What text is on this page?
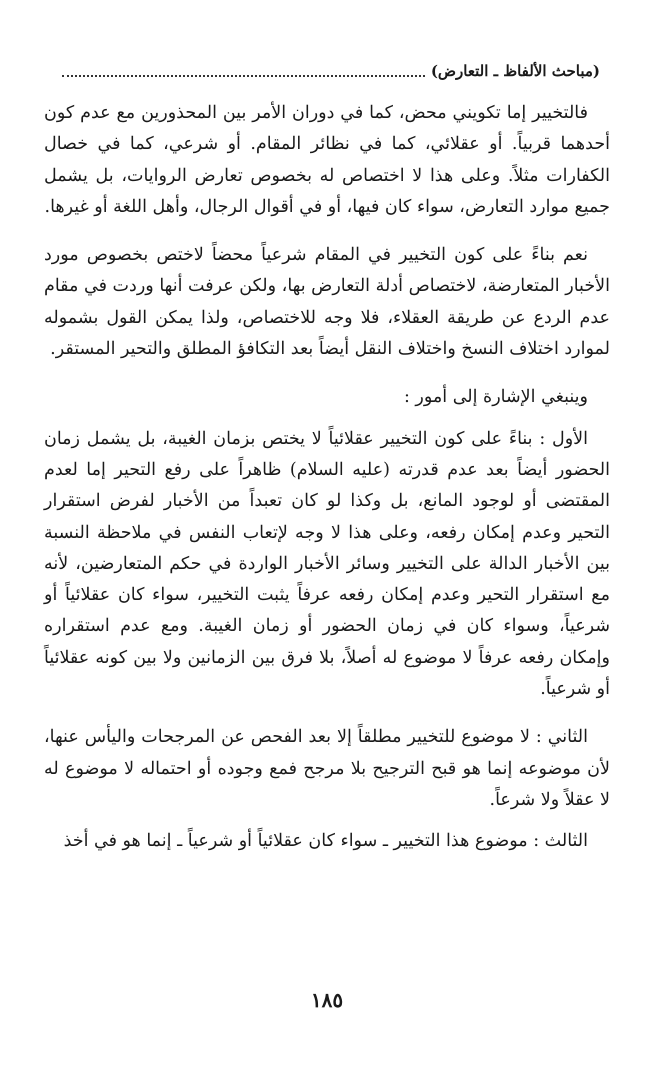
(مباحث الألفاظ ـ التعارض)

فالتخيير إما تكويني محض، كما في دوران الأمر بين المحذورين مع عدم كون أحدهما قربياً. أو عقلائي، كما في نظائر المقام. أو شرعي، كما في خصال الكفارات مثلاً. وعلى هذا لا اختصاص له بخصوص تعارض الروايات، بل يشمل جميع موارد التعارض، سواء كان فيها، أو في أقوال الرجال، وأهل اللغة أو غيرها.

نعم بناءً على كون التخيير في المقام شرعياً محضاً لاختص بخصوص مورد الأخبار المتعارضة، لاختصاص أدلة التعارض بها، ولكن عرفت أنها وردت في مقام عدم الردع عن طريقة العقلاء، فلا وجه للاختصاص، ولذا يمكن القول بشموله لموارد اختلاف النسخ واختلاف النقل أيضاً بعد التكافؤ المطلق والتحير المستقر.

وينبغي الإشارة إلى أمور :

الأول : بناءً على كون التخيير عقلائياً لا يختص بزمان الغيبة، بل يشمل زمان الحضور أيضاً بعد عدم قدرته (عليه السلام) ظاهراً على رفع التحير إما لعدم المقتضى أو لوجود المانع، بل وكذا لو كان تعبداً من الأخبار لفرض استقرار التحير وعدم إمكان رفعه، وعلى هذا لا وجه لإتعاب النفس في ملاحظة النسبة بين الأخبار الدالة على التخيير وسائر الأخبار الواردة في حكم المتعارضين، لأنه مع استقرار التحير وعدم إمكان رفعه عرفاً يثبت التخيير، سواء كان عقلائياً أو شرعياً، وسواء كان في زمان الحضور أو زمان الغيبة. ومع عدم استقراره وإمكان رفعه عرفاً لا موضوع له أصلاً، بلا فرق بين الزمانين ولا بين كونه عقلائياً أو شرعياً.

الثاني : لا موضوع للتخيير مطلقاً إلا بعد الفحص عن المرجحات واليأس عنها، لأن موضوعه إنما هو قبح الترجيح بلا مرجح فمع وجوده أو احتماله لا موضوع له لا عقلاً ولا شرعاً.

الثالث : موضوع هذا التخيير ـ سواء كان عقلائياً أو شرعياً ـ إنما هو في أخذ

١٨٥
